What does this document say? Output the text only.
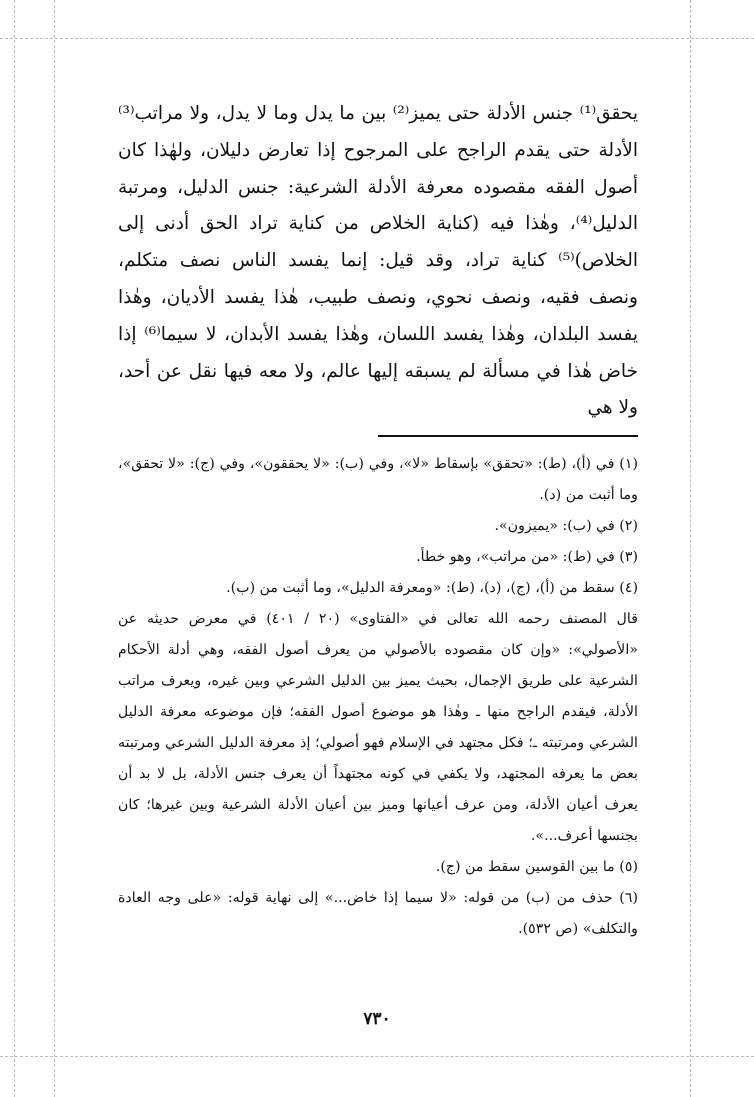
يحقق⁽¹⁾ جنس الأدلة حتى يميز⁽²⁾ بين ما يدل وما لا يدل، ولا مراتب⁽³⁾ الأدلة حتى يقدم الراجح على المرجوح إذا تعارض دليلان، ولهٰذا كان أصول الفقه مقصوده معرفة الأدلة الشرعية: جنس الدليل، ومرتبة الدليل⁽⁴⁾، وهٰذا فيه (كناية الخلاص من كناية تراد الحق أدنى إلى الخلاص)⁽⁵⁾ كناية تراد، وقد قيل: إنما يفسد الناس نصف متكلم، ونصف فقيه، ونصف نحوي، ونصف طبيب، هٰذا يفسد الأديان، وهٰذا يفسد البلدان، وهٰذا يفسد اللسان، وهٰذا يفسد الأبدان، لا سيما⁽⁶⁾ إذا خاض هٰذا في مسألة لم يسبقه إليها عالم، ولا معه فيها نقل عن أحد، ولا هي

(١) في (أ)، (ط): «تحقق» بإسقاط «لا»، وفي (ب): «لا يحققون»، وفي (ج): «لا تحقق»، وما أثبت من (د).

(٢) في (ب): «يميزون».

(٣) في (ط): «من مراتب»، وهو خطأ.

(٤) سقط من (أ)، (ج)، (د)، (ط): «ومعرفة الدليل»، وما أثبت من (ب).

قال المصنف رحمه الله تعالى في «الفتاوى» (٢٠ / ٤٠١) في معرض حديثه عن «الأصولي»: «وإن كان مقصوده بالأصولي من يعرف أصول الفقه، وهي أدلة الأحكام الشرعية على طريق الإجمال، بحيث يميز بين الدليل الشرعي وبين غيره، ويعرف مراتب الأدلة، فيقدم الراجح منها ـ وهٰذا هو موضوع أصول الفقه؛ فإن موضوعه معرفة الدليل الشرعي ومرتبته ـ؛ فكل مجتهد في الإسلام فهو أصولي؛ إذ معرفة الدليل الشرعي ومرتبته بعض ما يعرفه المجتهد، ولا يكفي في كونه مجتهداً أن يعرف جنس الأدلة، بل لا بد أن يعرف أعيان الأدلة، ومن عرف أعيانها وميز بين أعيان الأدلة الشرعية وبين غيرها؛ كان بجنسها أعرف...».

(٥) ما بين القوسين سقط من (ج).

(٦) حذف من (ب) من قوله: «لا سيما إذا خاض...» إلى نهاية قوله: «على وجه العادة والتكلف» (ص ٥٣٢).

٧٣٠
